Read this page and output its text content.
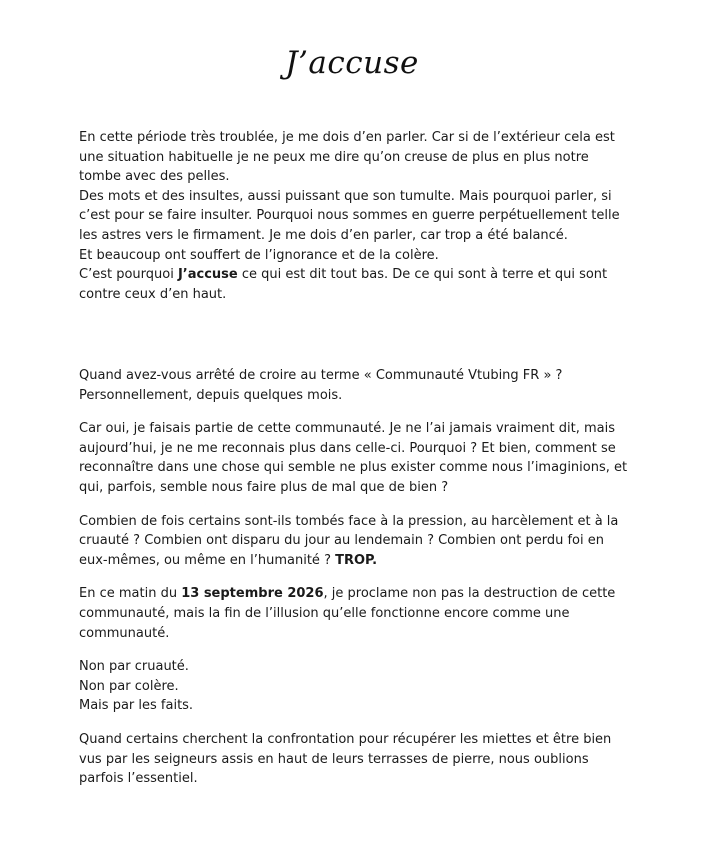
J’accuse
En cette période très troublée, je me dois d’en parler. Car si de l’extérieur cela est
une situation habituelle je ne peux me dire qu’on creuse de plus en plus notre
tombe avec des pelles.
Des mots et des insultes, aussi puissant que son tumulte. Mais pourquoi parler, si
c’est pour se faire insulter. Pourquoi nous sommes en guerre perpétuellement telle
les astres vers le firmament. Je me dois d’en parler, car trop a été balancé.
Et beaucoup ont souffert de l’ignorance et de la colère.
C’est pourquoi J’accuse ce qui est dit tout bas. De ce qui sont à terre et qui sont
contre ceux d’en haut.
Quand avez-vous arrêté de croire au terme « Communauté Vtubing FR » ?
Personnellement, depuis quelques mois.
Car oui, je faisais partie de cette communauté. Je ne l’ai jamais vraiment dit, mais
aujourd’hui, je ne me reconnais plus dans celle-ci. Pourquoi ? Et bien, comment se
reconnaître dans une chose qui semble ne plus exister comme nous l’imaginions, et
qui, parfois, semble nous faire plus de mal que de bien ?
Combien de fois certains sont-ils tombés face à la pression, au harcèlement et à la
cruauté ? Combien ont disparu du jour au lendemain ? Combien ont perdu foi en
eux-mêmes, ou même en l’humanité ? TROP.
En ce matin du 13 septembre 2026, je proclame non pas la destruction de cette
communauté, mais la fin de l’illusion qu’elle fonctionne encore comme une
communauté.
Non par cruauté.
Non par colère.
Mais par les faits.
Quand certains cherchent la confrontation pour récupérer les miettes et être bien
vus par les seigneurs assis en haut de leurs terrasses de pierre, nous oublions
parfois l’essentiel.
